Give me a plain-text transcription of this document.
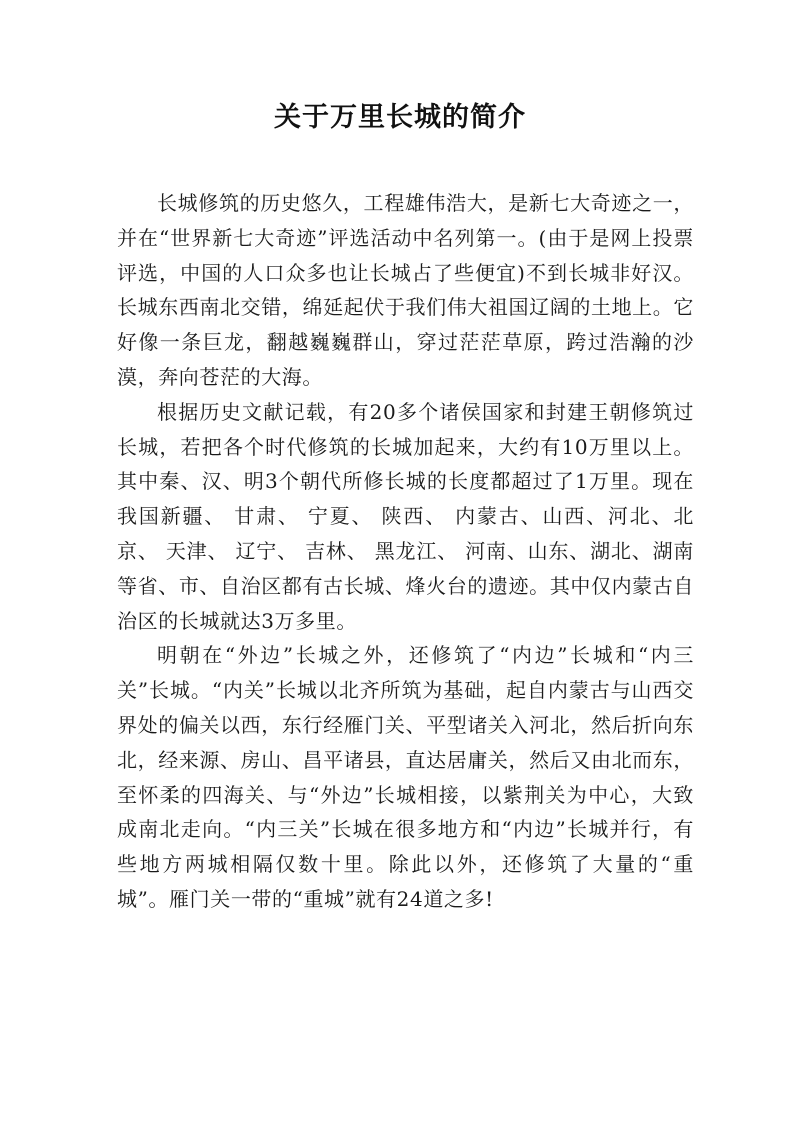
关于万里长城的简介

长城修筑的历史悠久，工程雄伟浩大，是新七大奇迹之一，并在“世界新七大奇迹”评选活动中名列第一。(由于是网上投票评选，中国的人口众多也让长城占了些便宜)不到长城非好汉。长城东西南北交错，绵延起伏于我们伟大祖国辽阔的土地上。它好像一条巨龙，翻越巍巍群山，穿过茫茫草原，跨过浩瀚的沙漠，奔向苍茫的大海。

根据历史文献记载，有20多个诸侯国家和封建王朝修筑过长城，若把各个时代修筑的长城加起来，大约有10万里以上。其中秦、汉、明3个朝代所修长城的长度都超过了1万里。现在我国新疆、 甘肃、 宁夏、 陕西、 内蒙古、山西、河北、北京、 天津、 辽宁、 吉林、 黑龙江、 河南、山东、湖北、湖南等省、市、自治区都有古长城、烽火台的遗迹。其中仅内蒙古自治区的长城就达3万多里。

明朝在“外边”长城之外，还修筑了“内边”长城和“内三关”长城。“内关”长城以北齐所筑为基础，起自内蒙古与山西交界处的偏关以西，东行经雁门关、平型诸关入河北，然后折向东北，经来源、房山、昌平诸县，直达居庸关，然后又由北而东，至怀柔的四海关、与“外边”长城相接，以紫荆关为中心，大致成南北走向。“内三关”长城在很多地方和“内边”长城并行，有些地方两城相隔仅数十里。除此以外，还修筑了大量的“重城”。雁门关一带的“重城”就有24道之多!
